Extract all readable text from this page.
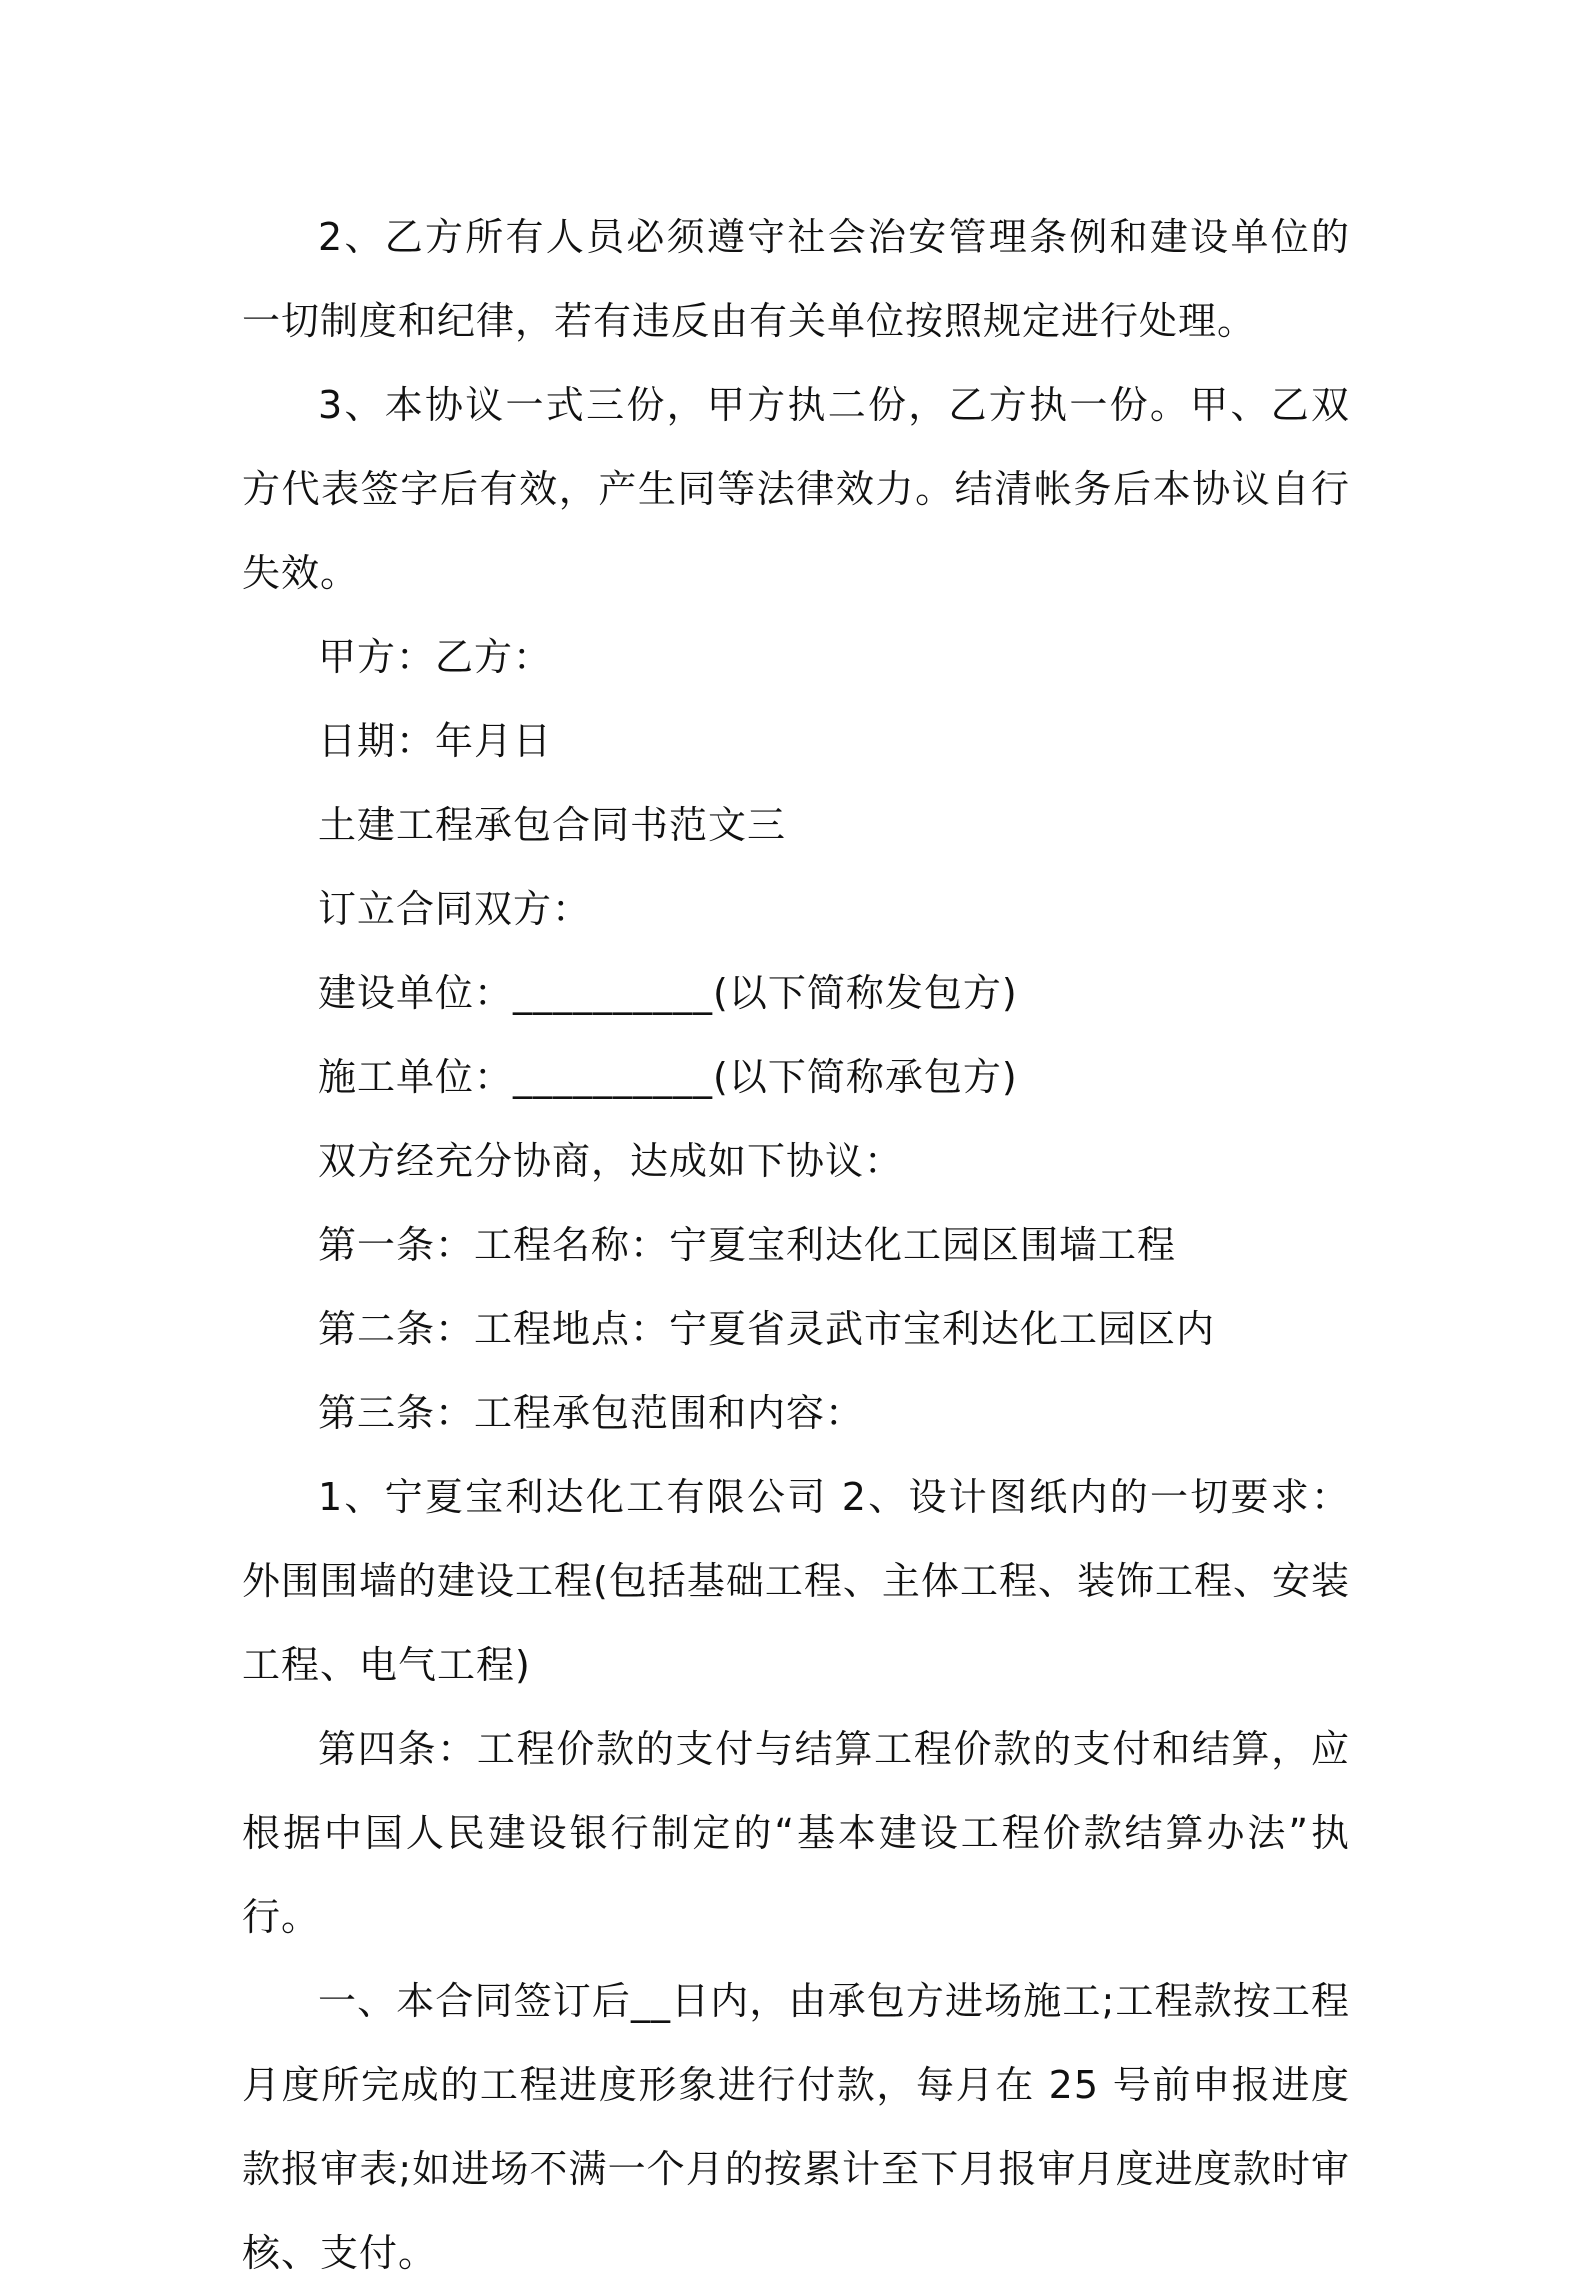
2、乙方所有人员必须遵守社会治安管理条例和建设单位的一切制度和纪律，若有违反由有关单位按照规定进行处理。

3、本协议一式三份，甲方执二份，乙方执一份。甲、乙双方代表签字后有效，产生同等法律效力。结清帐务后本协议自行失效。

甲方：乙方：

日期：年月日

土建工程承包合同书范文三

订立合同双方：

建设单位：__________(以下简称发包方)

施工单位：__________(以下简称承包方)

双方经充分协商，达成如下协议：

第一条：工程名称：宁夏宝利达化工园区围墙工程

第二条：工程地点：宁夏省灵武市宝利达化工园区内

第三条：工程承包范围和内容：

1、宁夏宝利达化工有限公司 2、设计图纸内的一切要求：外围围墙的建设工程(包括基础工程、主体工程、装饰工程、安装工程、电气工程)

第四条：工程价款的支付与结算工程价款的支付和结算，应根据中国人民建设银行制定的“基本建设工程价款结算办法”执行。

一、本合同签订后__日内，由承包方进场施工;工程款按工程月度所完成的工程进度形象进行付款，每月在 25 号前申报进度款报审表;如进场不满一个月的按累计至下月报审月度进度款时审核、支付。
